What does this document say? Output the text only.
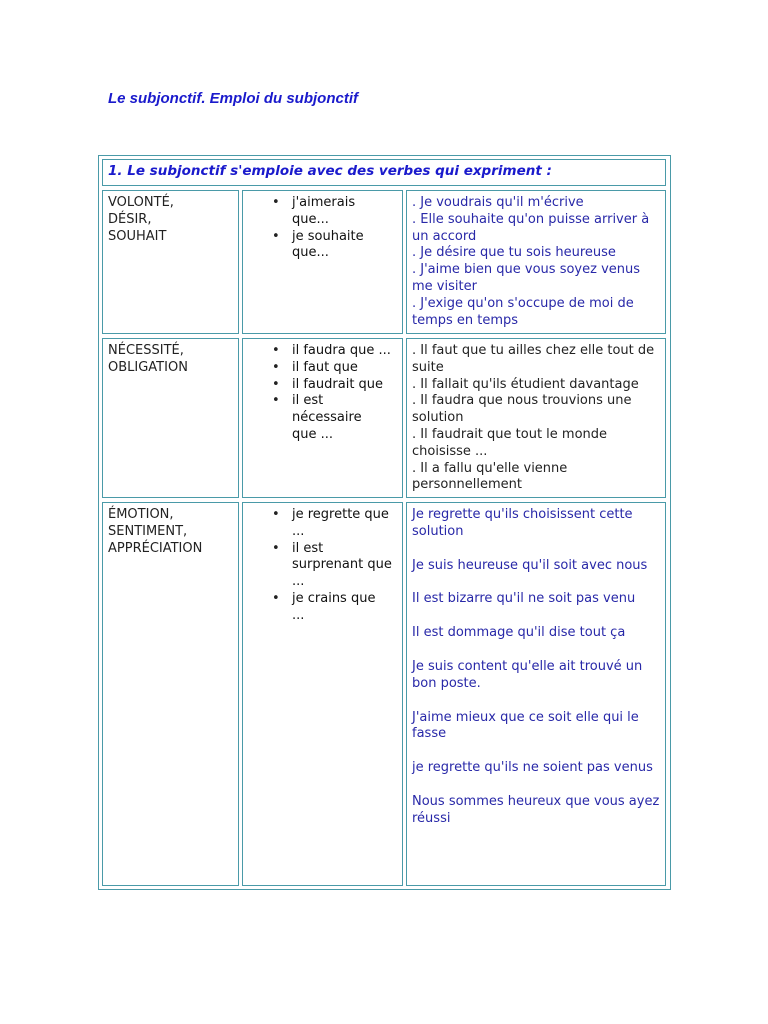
Le subjonctif. Emploi du subjonctif
1. Le subjonctif s'emploie avec des verbes qui expriment :
VOLONTÉ,
DÉSIR,
SOUHAIT
• j'aimerais que...
• je souhaite que...
. Je voudrais qu'il m'écrive
. Elle souhaite qu'on puisse arriver à un accord
. Je désire que tu sois heureuse
. J'aime bien que vous soyez venus me visiter
. J'exige qu'on s'occupe de moi de temps en temps
NÉCESSITÉ,
OBLIGATION
• il faudra que ...
• il faut que
• il faudrait que
• il est nécessaire que ...
. Il faut que tu ailles chez elle tout de suite
. Il fallait qu'ils étudient davantage
. Il faudra que nous trouvions une solution
. Il faudrait que tout le monde choisisse ...
. Il a fallu qu'elle vienne personnellement
ÉMOTION,
SENTIMENT,
APPRÉCIATION
• je regrette que ...
• il est surprenant que ...
• je crains que ...
Je regrette qu'ils choisissent cette solution
Je suis heureuse qu'il soit avec nous
Il est bizarre qu'il ne soit pas venu
Il est dommage qu'il dise tout ça
Je suis content qu'elle ait trouvé un bon poste.
J'aime mieux que ce soit elle qui le fasse
je regrette qu'ils ne soient pas venus
Nous sommes heureux que vous ayez réussi
